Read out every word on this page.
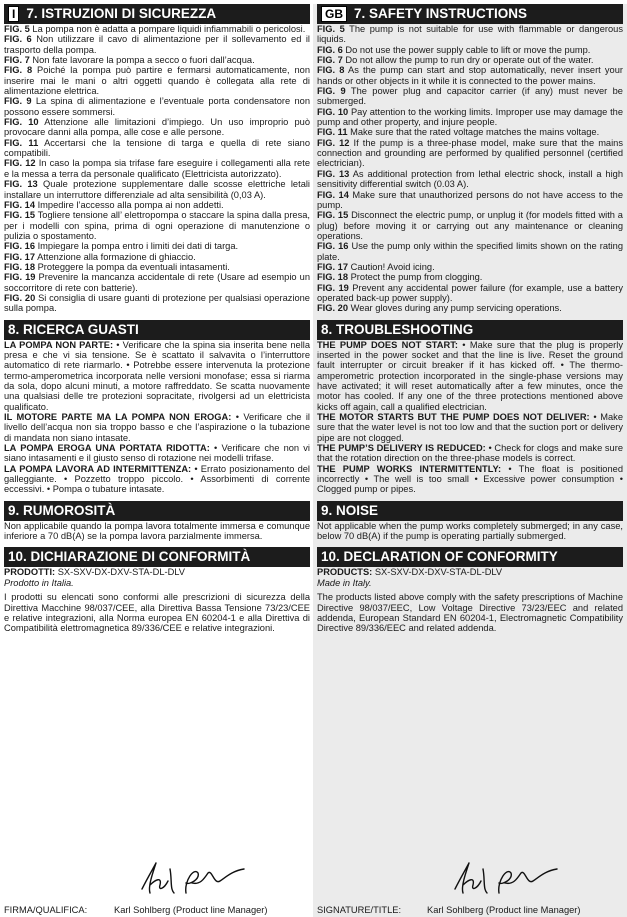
I 7. ISTRUZIONI DI SICUREZZA

FIG. 5 La pompa non è adatta a pompare liquidi infiammabili o pericolosi.

FIG. 6 Non utilizzare il cavo di alimentazione per il sollevamento ed il trasporto della pompa.

FIG. 7 Non fate lavorare la pompa a secco o fuori dall’acqua.

FIG. 8 Poiché la pompa può partire e fermarsi automaticamente, non inserire mai le mani o altri oggetti quando è collegata alla rete di alimentazione elettrica.

FIG. 9 La spina di alimentazione e l’eventuale porta condensatore non possono essere sommersi.

FIG. 10 Attenzione alle limitazioni d’impiego. Un uso improprio può provocare danni alla pompa, alle cose e alle persone.

FIG. 11 Accertarsi che la tensione di targa e quella di rete siano compatibili.

FIG. 12 In caso la pompa sia trifase fare eseguire i collegamenti alla rete e la messa a terra da personale qualificato (Elettricista autorizzato).

FIG. 13 Quale protezione supplementare dalle scosse elettriche letali installare un interruttore differenziale ad alta sensibilità (0,03 A).

FIG. 14 Impedire l’accesso alla pompa ai non addetti.

FIG. 15 Togliere tensione all’ elettropompa o staccare la spina dalla presa, per i modelli con spina, prima di ogni operazione di manutenzione o pulizia o spostamento.

FIG. 16 Impiegare la pompa entro i limiti dei dati di targa.

FIG. 17 Attenzione alla formazione di ghiaccio.

FIG. 18 Proteggere la pompa da eventuali intasamenti.

FIG. 19 Prevenire la mancanza accidentale di rete (Usare ad esempio un soccorritore di rete con batterie).

FIG. 20 Si consiglia di usare guanti di protezione per qualsiasi operazione sulla pompa.

8. RICERCA GUASTI

LA POMPA NON PARTE: • Verificare che la spina sia inserita bene nella presa e che vi sia tensione. Se è scattato il salvavita o l’interruttore automatico di rete riarmarlo. • Potrebbe essere intervenuta la protezione termo-amperometrica incorporata nelle versioni monofase; essa si riarma da sola, dopo alcuni minuti, a motore raffreddato. Se scatta nuovamente una qualsiasi delle tre protezioni sopracitate, rivolgersi ad un elettricista qualificato.

IL MOTORE PARTE MA LA POMPA NON EROGA: • Verificare che il livello dell’acqua non sia troppo basso e che l’aspirazione o la tubazione di mandata non siano intasate.

LA POMPA EROGA UNA PORTATA RIDOTTA: • Verificare che non vi siano intasamenti e il giusto senso di rotazione nei modelli trifase.

LA POMPA LAVORA AD INTERMITTENZA: • Errato posizionamento del galleggiante. • Pozzetto troppo piccolo. • Assorbimenti di corrente eccessivi. • Pompa o tubature intasate.

9. RUMOROSITÀ

Non applicabile quando la pompa lavora totalmente immersa e comunque inferiore a 70 dB(A) se la pompa lavora parzialmente immersa.

10. DICHIARAZIONE DI CONFORMITÀ

PRODOTTI: SX-SXV-DX-DXV-STA-DL-DLV

Prodotto in Italia.

I prodotti su elencati sono conformi alle prescrizioni di sicurezza della Direttiva Macchine 98/037/CEE, alla Direttiva Bassa Tensione 73/23/CEE e relative integrazioni, alla Norma europea EN 60204-1 e alla Direttiva di Compatibilità elettromagnetica 89/336/CEE e relative integrazioni.

FIRMA/QUALIFICA:	Karl Sohlberg (Product line Manager)
GB 7. SAFETY INSTRUCTIONS

FIG. 5 The pump is not suitable for use with flammable or dangerous liquids.

FIG. 6 Do not use the power supply cable to lift or move the pump.

FIG. 7 Do not allow the pump to run dry or operate out of the water.

FIG. 8 As the pump can start and stop automatically, never insert your hands or other objects in it while it is connected to the power mains.

FIG. 9 The power plug and capacitor carrier (if any) must never be submerged.

FIG. 10 Pay attention to the working limits. Improper use may damage the pump and other property, and injure people.

FIG. 11 Make sure that the rated voltage matches the mains voltage.

FIG. 12 If the pump is a three-phase model, make sure that the mains connection and grounding are performed by qualified personnel (certified electrician).

FIG. 13 As additional protection from lethal electric shock, install a high sensitivity differential switch (0.03 A).

FIG. 14 Make sure that unauthorized persons do not have access to the pump.

FIG. 15 Disconnect the electric pump, or unplug it (for models fitted with a plug) before moving it or carrying out any maintenance or cleaning operations.

FIG. 16 Use the pump only within the specified limits shown on the rating plate.

FIG. 17 Caution! Avoid icing.

FIG. 18 Protect the pump from clogging.

FIG. 19 Prevent any accidental power failure (for example, use a battery operated back-up power supply).

FIG. 20 Wear gloves during any pump servicing operations.

8. TROUBLESHOOTING

THE PUMP DOES NOT START: • Make sure that the plug is properly inserted in the power socket and that the line is live. Reset the ground fault interrupter or circuit breaker if it has kicked off. • The thermo-amperometric protection incorporated in the single-phase versions may have activated; it will reset automatically after a few minutes, once the motor has cooled. If any one of the three protections mentioned above kicks off again, call a qualified electrician.

THE MOTOR STARTS BUT THE PUMP DOES NOT DELIVER: • Make sure that the water level is not too low and that the suction port or delivery pipe are not clogged.

THE PUMP’S DELIVERY IS REDUCED: • Check for clogs and make sure that the rotation direction on the three-phase models is correct.

THE PUMP WORKS INTERMITTENTLY: • The float is positioned incorrectly • The well is too small • Excessive power consumption • Clogged pump or pipes.

9. NOISE

Not applicable when the pump works completely submerged; in any case, below 70 dB(A) if the pump is operating partially submerged.

10. DECLARATION OF CONFORMITY

PRODUCTS: SX-SXV-DX-DXV-STA-DL-DLV

Made in Italy.

The products listed above comply with the safety prescriptions of Machine Directive 98/037/EEC, Low Voltage Directive 73/23/EEC and related addenda, European Standard EN 60204-1, Electromagnetic Compatibility Directive 89/336/EEC and related addenda.

SIGNATURE/TITLE:	Karl Sohlberg (Product line Manager)
